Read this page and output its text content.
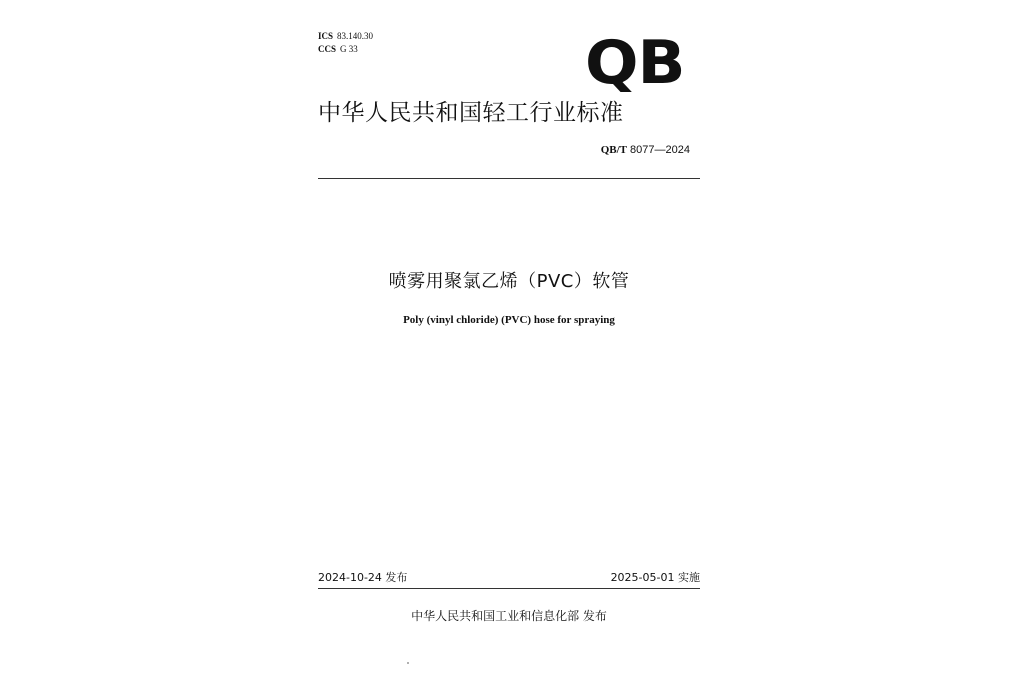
ICS 83.140.30
CCS G 33	QB
中华人民共和国轻工行业标准
QB/T 8077—2024
喷雾用聚氯乙烯（PVC）软管
Poly (vinyl chloride) (PVC) hose for spraying
2024-10-24 发布	2025-05-01 实施
中华人民共和国工业和信息化部 发布
